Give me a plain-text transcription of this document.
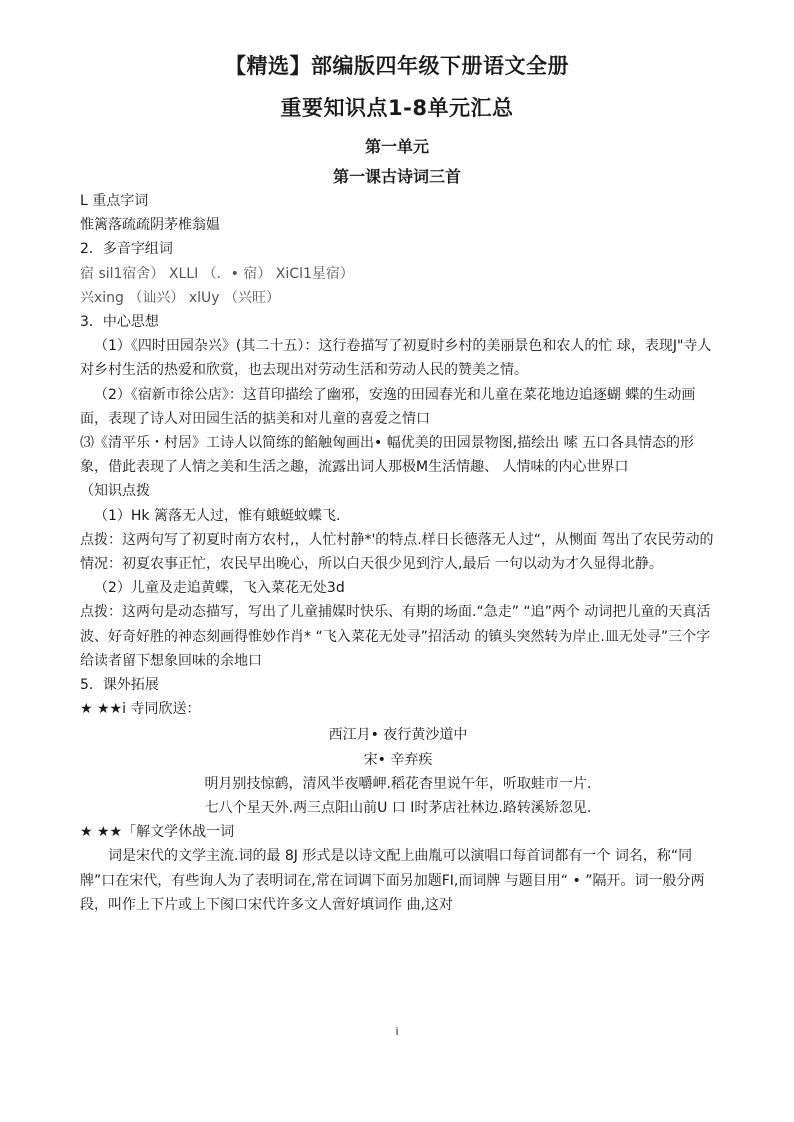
【精选】部编版四年级下册语文全册
重要知识点1-8单元汇总
第一单元
第一课古诗词三首

L 重点字词

惟篱落疏疏阴茅椎翁媪

2．多音字组词

宿 sil1宿舍） XLLI （．• 宿） XiCl1星宿）

兴xing （讪兴） xlUy （兴旺）

3．中心思想

（1）《四时田园杂兴》(其二十五）：这行卷描写了初夏时乡村的美丽景色和农人的忙 球，表现J"寺人对乡村生活的热爱和欣赏，也去现出对劳动生活和劳动人民的赞美之情。

（2）《宿新市徐公店》：这苜印描绘了幽邪，安逸的田园春光和儿童在菜花地边追逐蝴 蝶的生动画面，表现了诗人对田园生活的掂美和对儿童的喜爱之情口

⑶《清平乐・村居》工诗人以简练的餡触匈画出• 幅优美的田园景物图,描绘出 嗦 五口各具情态的形象，借此表现了人情之美和生活之趣，流露出词人那极M生活情趣、 人情味的内心世界口

（知识点拨

（1）Hk 篱落无人过，惟有蛾蜓蚊蝶飞.

点拨：这两句写了初夏时南方农村,，人忙村静*'的特点.样日长德落无人过“，从恻面 驾出了农民劳动的情况：初夏农事正忙，农民早出晚心，所以白天很少见到泞人,最后 一句以动为才久显得北静。

（2）儿童及走追黄蝶，飞入菜花无处3d

点拨：这两句是动态描写，写出了儿童捕媒时快乐、有期的场面.“急走” “追”两个 动词把儿童的天真活波、好奇好胜的神态刻画得惟妙作肖* “飞入菜花无处寻”招活动 的镇头突然转为岸止.皿无处寻”三个字给读者留下想象回味的余地口

5．课外拓展

★ ★★i 寺同欣送：

西江月• 夜行黄沙道中

宋• 辛弃疾

明月别技惊鹤，清风半夜嚼岬.稻花杳里说午年，听取蛙市一片.

七八个星天外.两三点阳山前U 口 I时茅店社林边.路转溪矫忽见.

★ ★★「解文学休战一词

词是宋代的文学主流.词的最 8J 形式是以诗文配上曲胤可以演唱口每首词都有一个 词名，称“同牌”口在宋代，有些询人为了表明词在,常在词调下面另加题FI,而词牌 与题目用“ • ”隔开。词一般分两段，叫作上下片或上下阂口宋代许多文人啻好填词作 曲,这对

i
